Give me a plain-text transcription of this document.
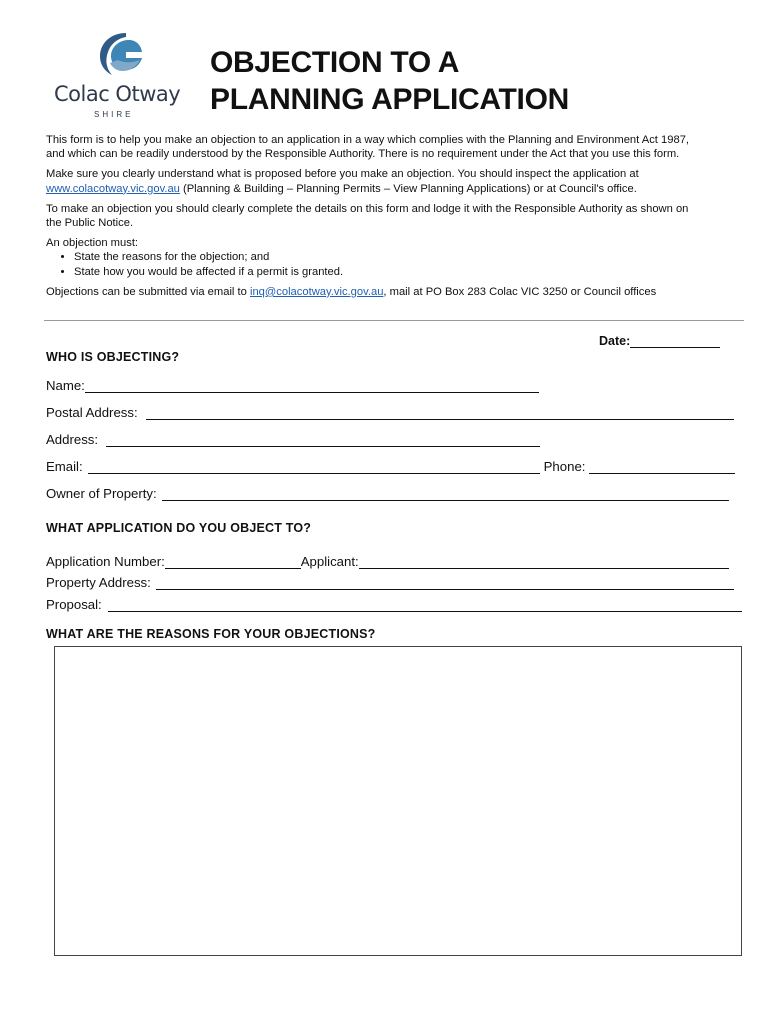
Colac Otway
SHIRE
OBJECTION TO A
PLANNING APPLICATION

This form is to help you make an objection to an application in a way which complies with the Planning and Environment Act 1987, and which can be readily understood by the Responsible Authority. There is no requirement under the Act that you use this form.

Make sure you clearly understand what is proposed before you make an objection. You should inspect the application at www.colacotway.vic.gov.au (Planning & Building – Planning Permits – View Planning Applications) or at Council's office.

To make an objection you should clearly complete the details on this form and lodge it with the Responsible Authority as shown on the Public Notice.

An objection must:

• State the reasons for the objection; and
• State how you would be affected if a permit is granted.

Objections can be submitted via email to inq@colacotway.vic.gov.au, mail at PO Box 283 Colac VIC 3250 or Council offices

Date:
WHO IS OBJECTING?
Name:
Postal Address:
Address:
Email:	Phone:
Owner of Property:
WHAT APPLICATION DO YOU OBJECT TO?
Application Number:	Applicant:
Property Address:
Proposal:
WHAT ARE THE REASONS FOR YOUR OBJECTIONS?
